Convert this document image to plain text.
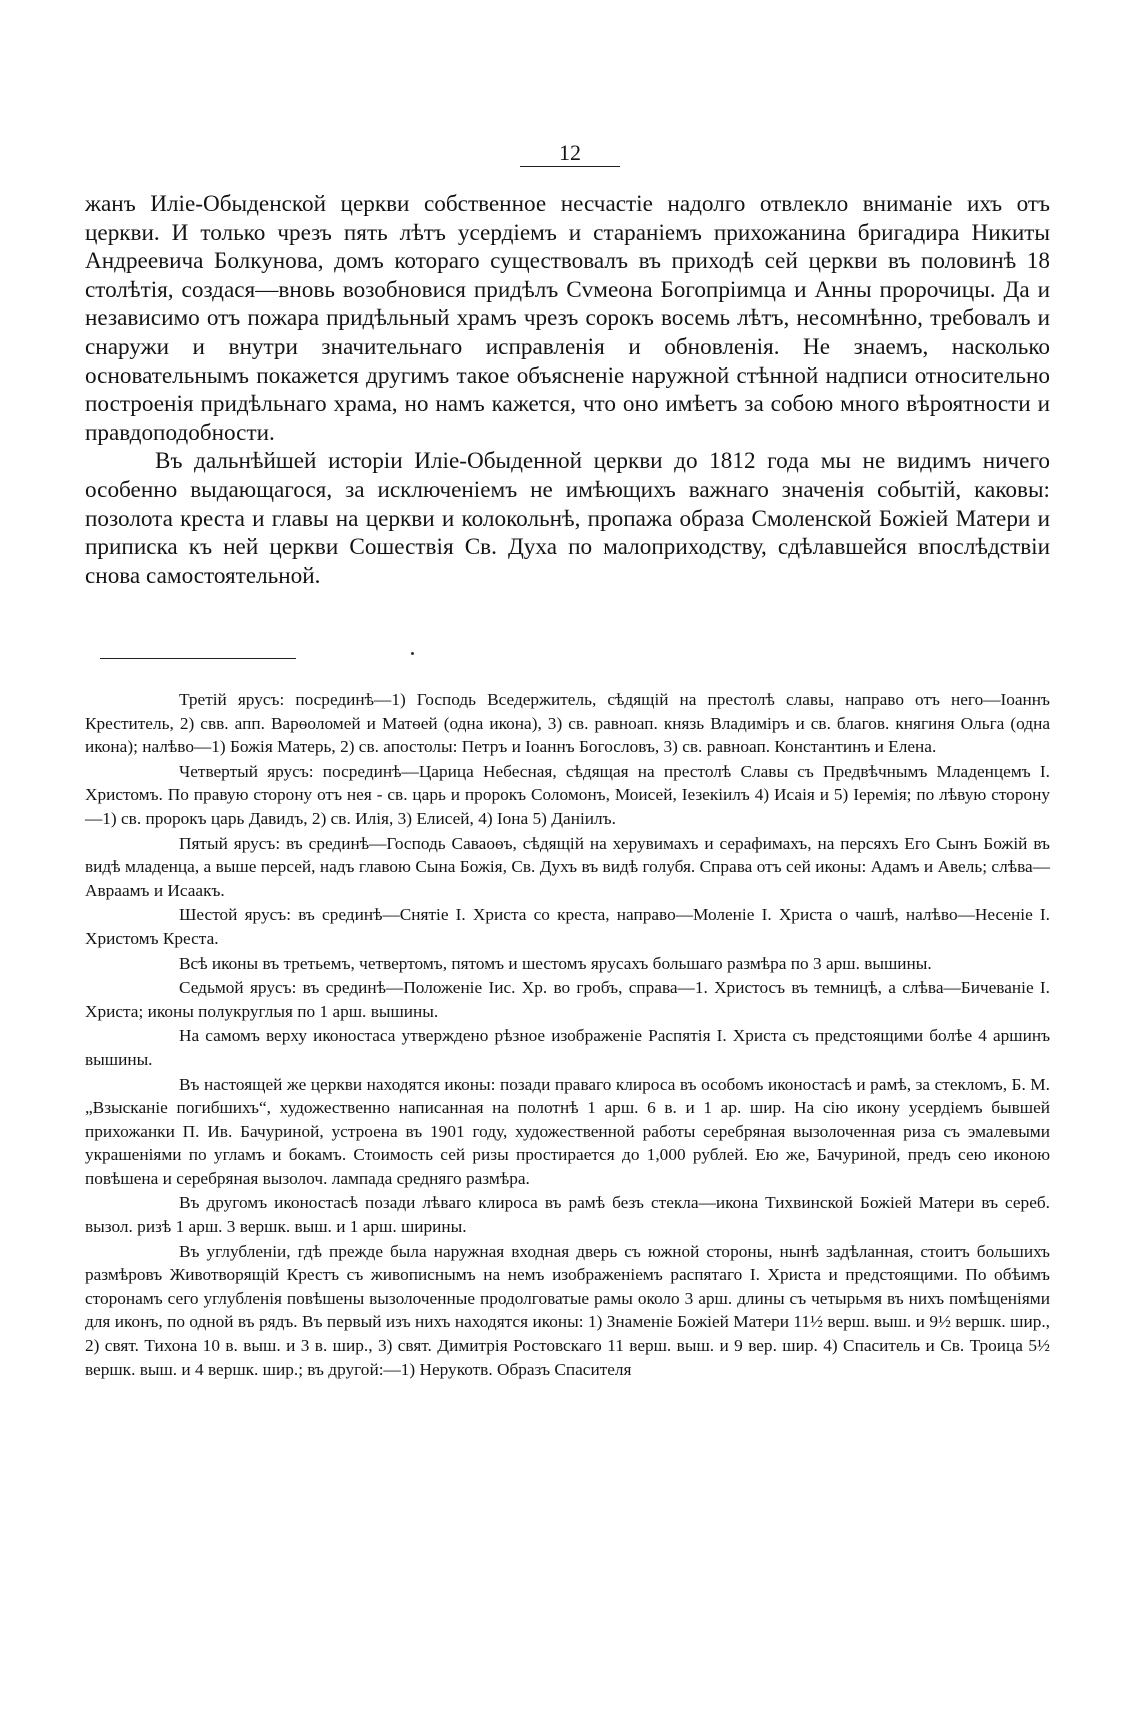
12

жанъ Иліе-Обыденской церкви собственное несчастіе надолго отвлекло вниманіе ихъ отъ церкви. И только чрезъ пять лѣтъ усердіемъ и стараніемъ прихожанина бригадира Никиты Андреевича Болкунова, домъ котораго существовалъ въ приходѣ сей церкви въ половинѣ 18 столѣтія, создася—вновь возобновися придѣлъ Сvмеона Богопріимца и Анны пророчицы. Да и независимо отъ пожара придѣльный храмъ чрезъ сорокъ восемь лѣтъ, несомнѣнно, требовалъ и снаружи и внутри значительнаго исправленія и обновленія. Не знаемъ, насколько основательнымъ покажется другимъ такое объясненіе наружной стѣнной надписи относительно построенія придѣльнаго храма, но намъ кажется, что оно имѣетъ за собою много вѣроятности и правдоподобности.

Въ дальнѣйшей исторіи Иліе-Обыденной церкви до 1812 года мы не видимъ ничего особенно выдающагося, за исключеніемъ не имѣющихъ важнаго значенія событій, каковы: позолота креста и главы на церкви и колокольнѣ, пропажа образа Смоленской Божіей Матери и приписка къ ней церкви Сошествія Св. Духа по малоприходству, сдѣлавшейся впослѣдствіи снова самостоятельной.

Третій ярусъ: посрединѣ—1) Господь Вседержитель, сѣдящій на престолѣ славы, направо отъ него—Іоаннъ Креститель, 2) свв. апп. Варѳоломей и Матѳей (одна икона), 3) св. равноап. князь Владиміръ и св. благов. княгиня Ольга (одна икона); налѣво—1) Божія Матерь, 2) св. апостолы: Петръ и Іоаннъ Богословъ, 3) св. равноап. Константинъ и Елена.

Четвертый ярусъ: посрединѣ—Царица Небесная, сѣдящая на престолѣ Славы съ Предвѣчнымъ Младенцемъ І. Христомъ. По правую сторону отъ нея - св. царь и пророкъ Соломонъ, Моисей, Іезекіилъ 4) Исаія и 5) Іеремія; по лѣвую сторону—1) св. пророкъ царь Давидъ, 2) св. Илія, 3) Елисей, 4) Іона 5) Даніилъ.

Пятый ярусъ: въ срединѣ—Господь Саваоѳъ, сѣдящій на херувимахъ и серафимахъ, на персяхъ Его Сынъ Божій въ видѣ младенца, а выше персей, надъ главою Сына Божія, Св. Духъ въ видѣ голубя. Справа отъ сей иконы: Адамъ и Авель; слѣва—Авраамъ и Исаакъ.

Шестой ярусъ: въ срединѣ—Снятіе І. Христа со креста, направо—Моленіе І. Христа о чашѣ, налѣво—Несеніе І. Христомъ Креста.

Всѣ иконы въ третьемъ, четвертомъ, пятомъ и шестомъ ярусахъ большаго размѣра по 3 арш. вышины.

Седьмой ярусъ: въ срединѣ—Положеніе Іис. Хр. во гробъ, справа—1. Христосъ въ темницѣ, а слѣва—Бичеваніе І. Христа; иконы полукруглыя по 1 арш. вышины.

На самомъ верху иконостаса утверждено рѣзное изображеніе Распятія І. Христа съ предстоящими болѣе 4 аршинъ вышины.

Въ настоящей же церкви находятся иконы: позади праваго клироса въ особомъ иконостасѣ и рамѣ, за стекломъ, Б. М. „Взысканіе погибшихъ“, художественно написанная на полотнѣ 1 арш. 6 в. и 1 ар. шир. На сію икону усердіемъ бывшей прихожанки П. Ив. Бачуриной, устроена въ 1901 году, художественной работы серебряная вызолоченная риза съ эмалевыми украшеніями по угламъ и бокамъ. Стоимость сей ризы простирается до 1,000 рублей. Ею же, Бачуриной, предъ сею иконою повѣшена и серебряная вызолоч. лампада средняго размѣра.

Въ другомъ иконостасѣ позади лѣваго клироса въ рамѣ безъ стекла—икона Тихвинской Божіей Матери въ сереб. вызол. ризѣ 1 арш. 3 вершк. выш. и 1 арш. ширины.

Въ углубленіи, гдѣ прежде была наружная входная дверь съ южной стороны, нынѣ задѣланная, стоитъ большихъ размѣровъ Животворящій Крестъ съ живописнымъ на немъ изображеніемъ распятаго І. Христа и предстоящими. По обѣимъ сторонамъ сего углубленія повѣшены вызолоченные продолговатые рамы около 3 арш. длины съ четырьмя въ нихъ помѣщеніями для иконъ, по одной въ рядъ. Въ первый изъ нихъ находятся иконы: 1) Знаменіе Божіей Матери 11½ верш. выш. и 9½ вершк. шир., 2) свят. Тихона 10 в. выш. и 3 в. шир., 3) свят. Димитрія Ростовскаго 11 верш. выш. и 9 вер. шир. 4) Спаситель и Св. Троица 5½ вершк. выш. и 4 вершк. шир.; въ другой:—1) Нерукотв. Образъ Спасителя
